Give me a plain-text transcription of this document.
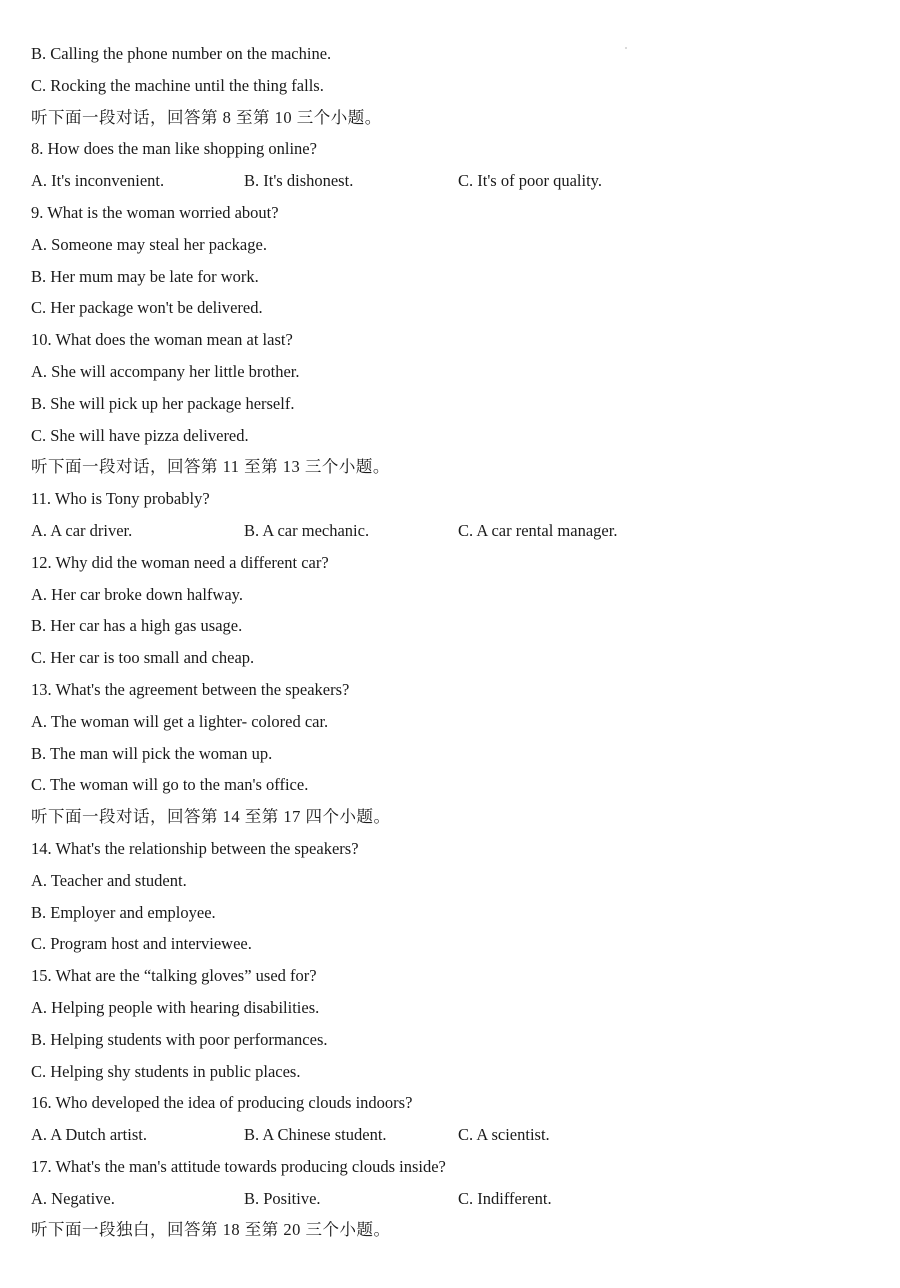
B. Calling the phone number on the machine.
C. Rocking the machine until the thing falls.
听下面一段对话，回答第 8 至第 10 三个小题。
8. How does the man like shopping online?
A. It's inconvenient.	B. It's dishonest.	C. It's of poor quality.
9. What is the woman worried about?
A. Someone may steal her package.
B. Her mum may be late for work.
C. Her package won't be delivered.
10. What does the woman mean at last?
A. She will accompany her little brother.
B. She will pick up her package herself.
C. She will have pizza delivered.
听下面一段对话，回答第 11 至第 13 三个小题。
11. Who is Tony probably?
A. A car driver.	B. A car mechanic.	C. A car rental manager.
12. Why did the woman need a different car?
A. Her car broke down halfway.
B. Her car has a high gas usage.
C. Her car is too small and cheap.
13. What's the agreement between the speakers?
A. The woman will get a lighter- colored car.
B. The man will pick the woman up.
C. The woman will go to the man's office.
听下面一段对话，回答第 14 至第 17 四个小题。
14. What's the relationship between the speakers?
A. Teacher and student.
B. Employer and employee.
C. Program host and interviewee.
15. What are the “talking gloves” used for?
A. Helping people with hearing disabilities.
B. Helping students with poor performances.
C. Helping shy students in public places.
16. Who developed the idea of producing clouds indoors?
A. A Dutch artist.	B. A Chinese student.	C. A scientist.
17. What's the man's attitude towards producing clouds inside?
A. Negative.	B. Positive.	C. Indifferent.
听下面一段独白，回答第 18 至第 20 三个小题。
